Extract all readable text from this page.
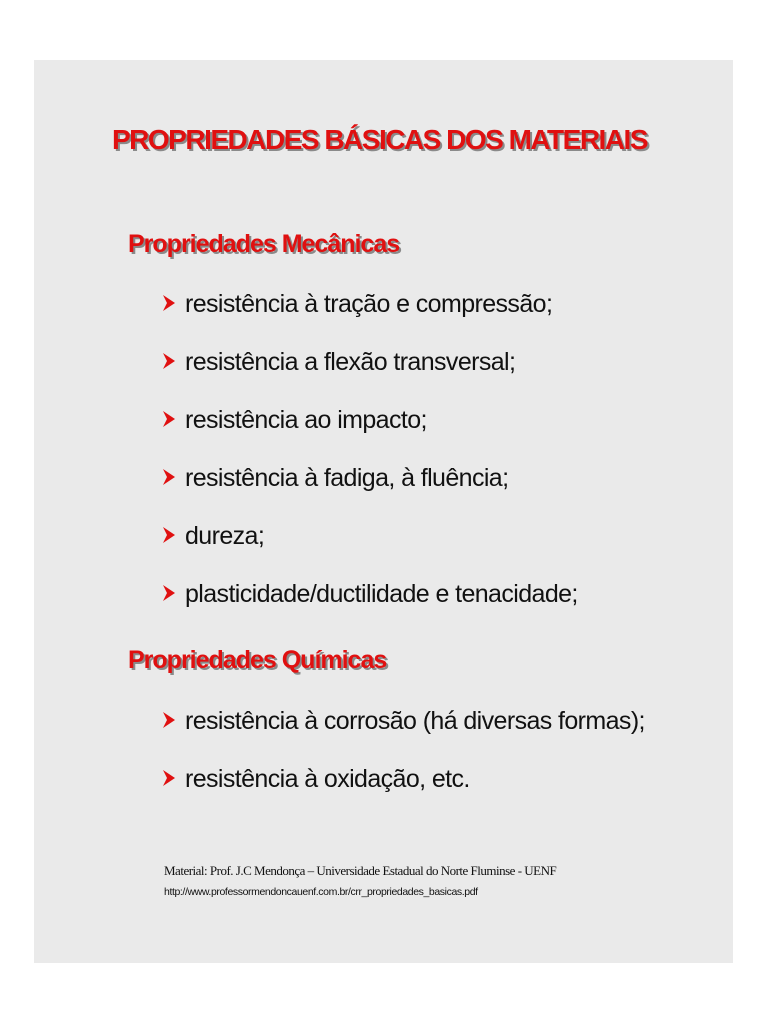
PROPRIEDADES BÁSICAS DOS MATERIAIS
Propriedades Mecânicas
resistência à tração e compressão;
resistência a flexão transversal;
resistência ao impacto;
resistência à fadiga, à fluência;
dureza;
plasticidade/ductilidade e tenacidade;
Propriedades Químicas
resistência à corrosão (há diversas formas);
resistência à oxidação, etc.
Material: Prof. J.C Mendonça – Universidade Estadual do Norte Fluminse - UENF
http://www.professormendoncauenf.com.br/crr_propriedades_basicas.pdf
